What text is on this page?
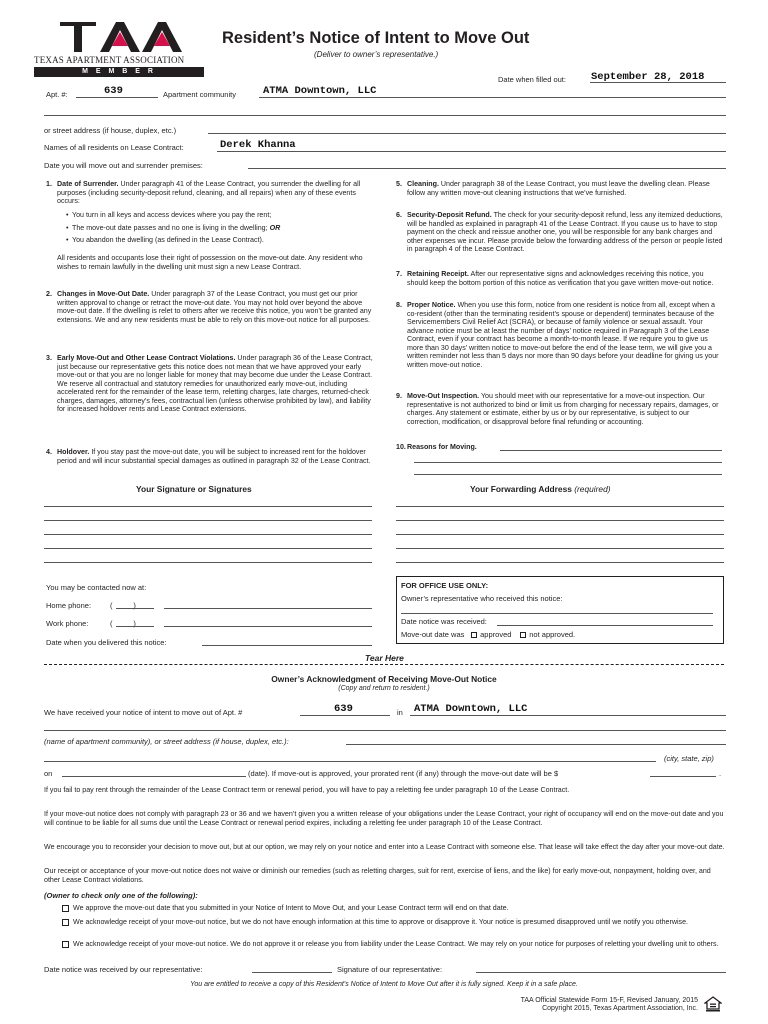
TEXAS APARTMENT ASSOCIATION
M E M B E R
Resident’s Notice of Intent to Move Out
(Deliver to owner’s representative.)
Date when filled out: September 28, 2018
Apt. #:	639	Apartment community	ATMA Downtown, LLC
or street address (if house, duplex, etc.)
Names of all residents on Lease Contract:	Derek Khanna
Date you will move out and surrender premises:
1. Date of Surrender. Under paragraph 41 of the Lease Contract, you surrender the dwelling for all purposes (including security-deposit refund, cleaning, and all repairs) when any of these events occurs:
• You turn in all keys and access devices where you pay the rent;
• The move-out date passes and no one is living in the dwelling; OR
• You abandon the dwelling (as defined in the Lease Contract).
All residents and occupants lose their right of possession on the move-out date. Any resident who wishes to remain lawfully in the dwelling unit must sign a new Lease Contract.
2. Changes in Move-Out Date. Under paragraph 37 of the Lease Contract, you must get our prior written approval to change or retract the move-out date. You may not hold over beyond the above move-out date. If the dwelling is relet to others after we receive this notice, you won’t be granted any extensions. We and any new residents must be able to rely on this move-out notice for all purposes.
3. Early Move-Out and Other Lease Contract Violations. Under paragraph 36 of the Lease Contract, just because our representative gets this notice does not mean that we have approved your early move-out or that you are no longer liable for money that may become due under the Lease Contract. We reserve all contractual and statutory remedies for unauthorized early move-out, including accelerated rent for the remainder of the lease term, reletting charges, late charges, returned-check charges, damages, attorney’s fees, contractual lien (unless otherwise prohibited by law), and liability for increased holdover rents and Lease Contract extensions.
4. Holdover. If you stay past the move-out date, you will be subject to increased rent for the holdover period and will incur substantial special damages as outlined in paragraph 32 of the Lease Contract.
5. Cleaning. Under paragraph 38 of the Lease Contract, you must leave the dwelling clean. Please follow any written move-out cleaning instructions that we’ve furnished.
6. Security-Deposit Refund. The check for your security-deposit refund, less any itemized deductions, will be handled as explained in paragraph 41 of the Lease Contract. If you cause us to have to stop payment on the check and reissue another one, you will be responsible for any bank charges and other expenses we incur. Please provide below the forwarding address of the person or people listed in paragraph 4 of the Lease Contract.
7. Retaining Receipt. After our representative signs and acknowledges receiving this notice, you should keep the bottom portion of this notice as verification that you gave written move-out notice.
8. Proper Notice. When you use this form, notice from one resident is notice from all, except when a co-resident (other than the terminating resident’s spouse or dependent) terminates because of the Servicemembers Civil Relief Act (SCRA), or because of family violence or sexual assault. Your advance notice must be at least the number of days’ notice required in Paragraph 3 of the Lease Contract, even if your contract has become a month-to-month lease. If we require you to give us more than 30 days’ written notice to move-out before the end of the lease term, we will give you a written reminder not less than 5 days nor more than 90 days before your deadline for giving us your written move-out notice.
9. Move-Out Inspection. You should meet with our representative for a move-out inspection. Our representative is not authorized to bind or limit us from charging for necessary repairs, damages, or charges. Any statement or estimate, either by us or by our representative, is subject to our correction, modification, or disapproval before final refunding or accounting.
10. Reasons for Moving.
Your Signature or Signatures	Your Forwarding Address (required)
You may be contacted now at:
Home phone:	(          )
Work phone:	(          )
Date when you delivered this notice:
FOR OFFICE USE ONLY:
Owner’s representative who received this notice:
Date notice was received:
Move-out date was approved not approved.
Tear Here
Owner’s Acknowledgment of Receiving Move-Out Notice
(Copy and return to resident.)
We have received your notice of intent to move out of Apt. #	639	in ATMA Downtown, LLC
(name of apartment community), or street address (if house, duplex, etc.):
(city, state, zip)
on	(date). If move-out is approved, your prorated rent (if any) through the move-out date will be $	.
If you fail to pay rent through the remainder of the Lease Contract term or renewal period, you will have to pay a reletting fee under paragraph 10 of the Lease Contract.
If your move-out notice does not comply with paragraph 23 or 36 and we haven’t given you a written release of your obligations under the Lease Contract, your right of occupancy will end on the move-out date and you will continue to be liable for all sums due until the Lease Contract or renewal period expires, including a reletting fee under paragraph 10 of the Lease Contract.
We encourage you to reconsider your decision to move out, but at our option, we may rely on your notice and enter into a Lease Contract with someone else. That lease will take effect the day after your move-out date.
Our receipt or acceptance of your move-out notice does not waive or diminish our remedies (such as reletting charges, suit for rent, exercise of liens, and the like) for early move-out, nonpayment, holding over, and other Lease Contract violations.
(Owner to check only one of the following):
We approve the move-out date that you submitted in your Notice of Intent to Move Out, and your Lease Contract term will end on that date.
We acknowledge receipt of your move-out notice, but we do not have enough information at this time to approve or disapprove it. Your notice is presumed disapproved until we notify you otherwise.
We acknowledge receipt of your move-out notice. We do not approve it or release you from liability under the Lease Contract. We may rely on your notice for purposes of reletting your dwelling unit to others.
Date notice was received by our representative:	Signature of our representative:
You are entitled to receive a copy of this Resident’s Notice of Intent to Move Out after it is fully signed. Keep it in a safe place.
TAA Official Statewide Form 15-F, Revised January, 2015
Copyright 2015, Texas Apartment Association, Inc.
